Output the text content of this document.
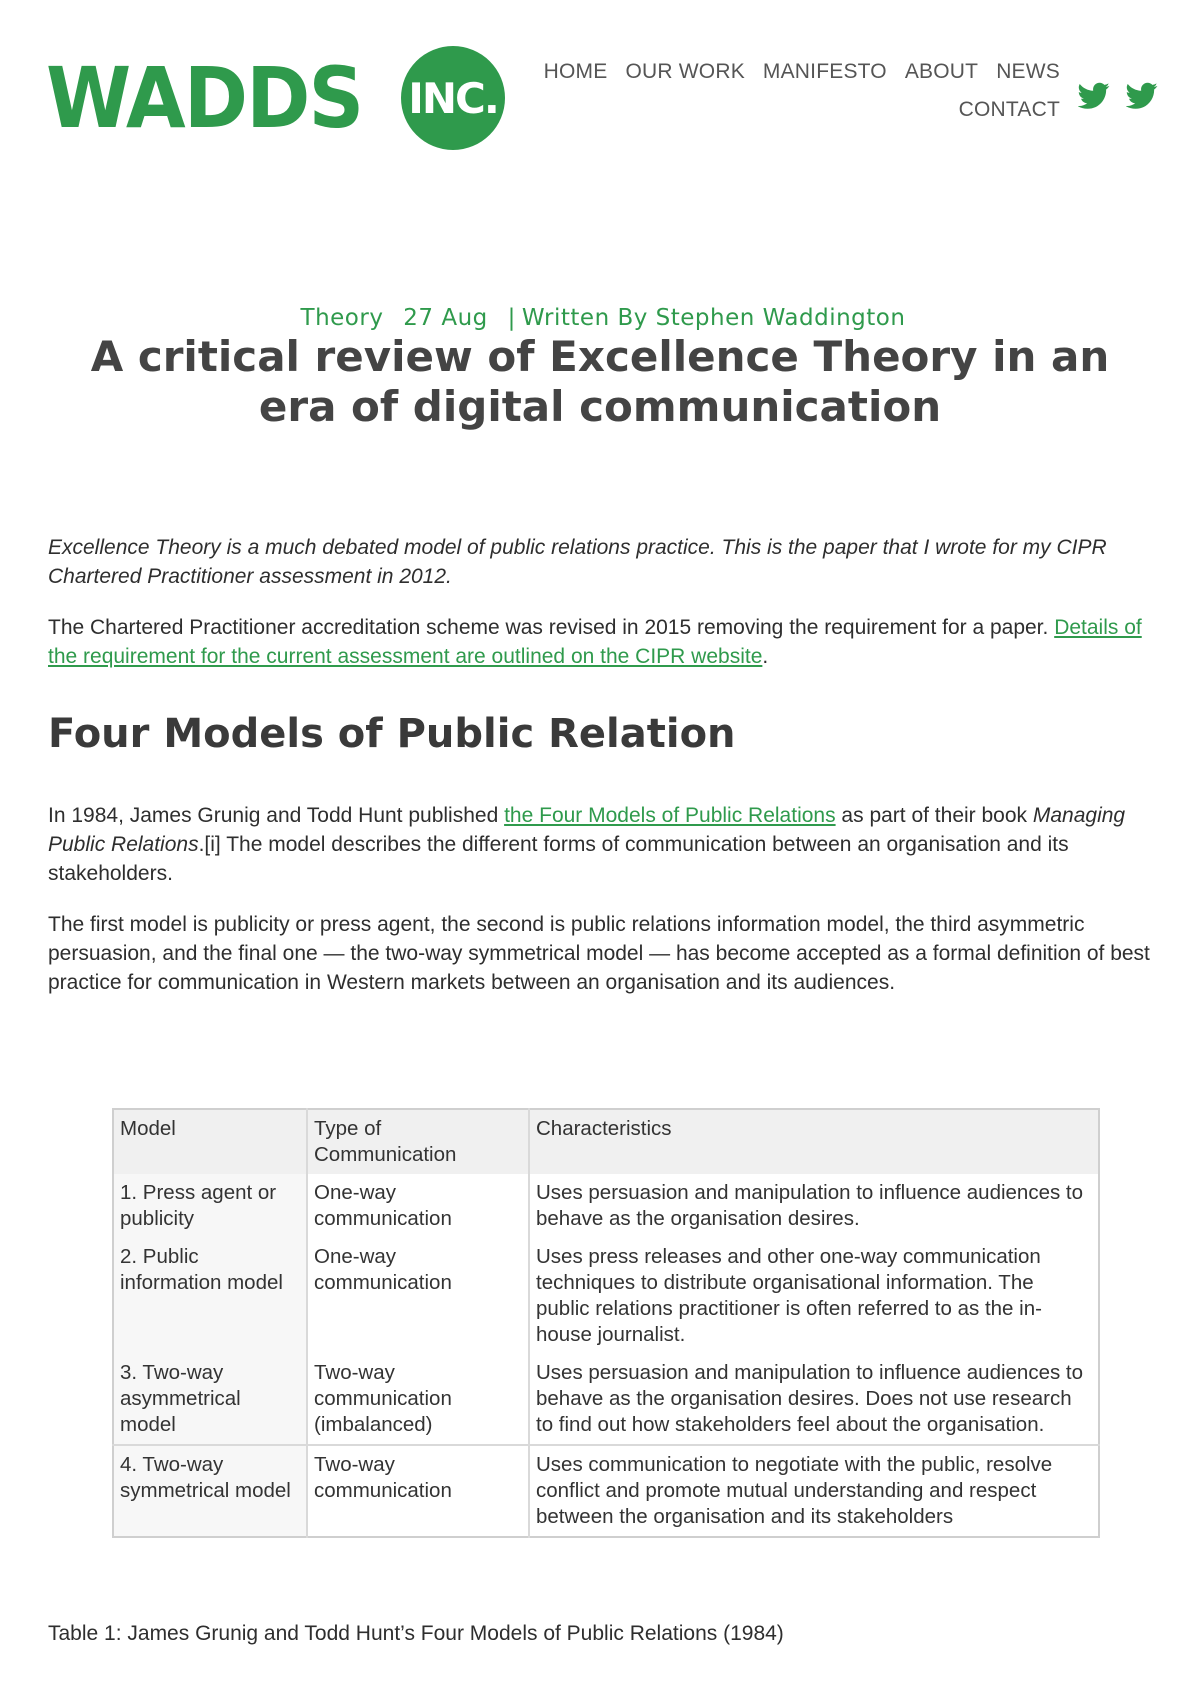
WADDS INC.
HOME OUR WORK MANIFESTO ABOUT NEWS
CONTACT
Theory 27 Aug | Written By Stephen Waddington
A critical review of Excellence Theory in an era of digital communication

Excellence Theory is a much debated model of public relations practice. This is the paper that I wrote for my CIPR Chartered Practitioner assessment in 2012.

The Chartered Practitioner accreditation scheme was revised in 2015 removing the requirement for a paper. Details of the requirement for the current assessment are outlined on the CIPR website.

Four Models of Public Relation

In 1984, James Grunig and Todd Hunt published the Four Models of Public Relations as part of their book Managing Public Relations.[i] The model describes the different forms of communication between an organisation and its stakeholders.

The first model is publicity or press agent, the second is public relations information model, the third asymmetric persuasion, and the final one — the two-way symmetrical model — has become accepted as a formal definition of best practice for communication in Western markets between an organisation and its audiences.

Model	Type of Communication	Characteristics
1. Press agent or publicity	One-way communication	Uses persuasion and manipulation to influence audiences to behave as the organisation desires.
2. Public information model	One-way communication	Uses press releases and other one-way communication techniques to distribute organisational information. The public relations practitioner is often referred to as the in-house journalist.
3. Two-way asymmetrical model	Two-way communication (imbalanced)	Uses persuasion and manipulation to influence audiences to behave as the organisation desires. Does not use research to find out how stakeholders feel about the organisation.
4. Two-way symmetrical model	Two-way communication	Uses communication to negotiate with the public, resolve conflict and promote mutual understanding and respect between the organisation and its stakeholders

Table 1: James Grunig and Todd Hunt’s Four Models of Public Relations (1984)
